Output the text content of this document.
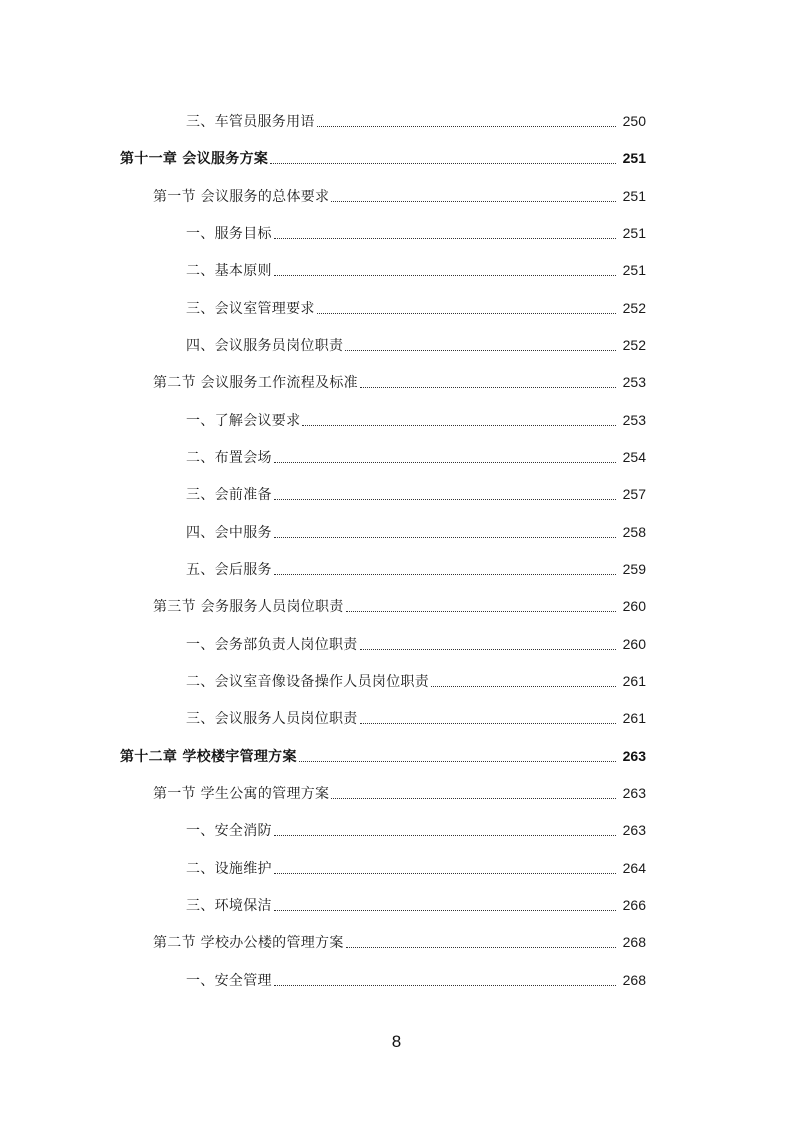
三、车管员服务用语	250
第十一章 会议服务方案	251
第一节 会议服务的总体要求	251
一、服务目标	251
二、基本原则	251
三、会议室管理要求	252
四、会议服务员岗位职责	252
第二节 会议服务工作流程及标准	253
一、了解会议要求	253
二、布置会场	254
三、会前准备	257
四、会中服务	258
五、会后服务	259
第三节 会务服务人员岗位职责	260
一、会务部负责人岗位职责	260
二、会议室音像设备操作人员岗位职责	261
三、会议服务人员岗位职责	261
第十二章 学校楼宇管理方案	263
第一节 学生公寓的管理方案	263
一、安全消防	263
二、设施维护	264
三、环境保洁	266
第二节 学校办公楼的管理方案	268
一、安全管理	268
8
